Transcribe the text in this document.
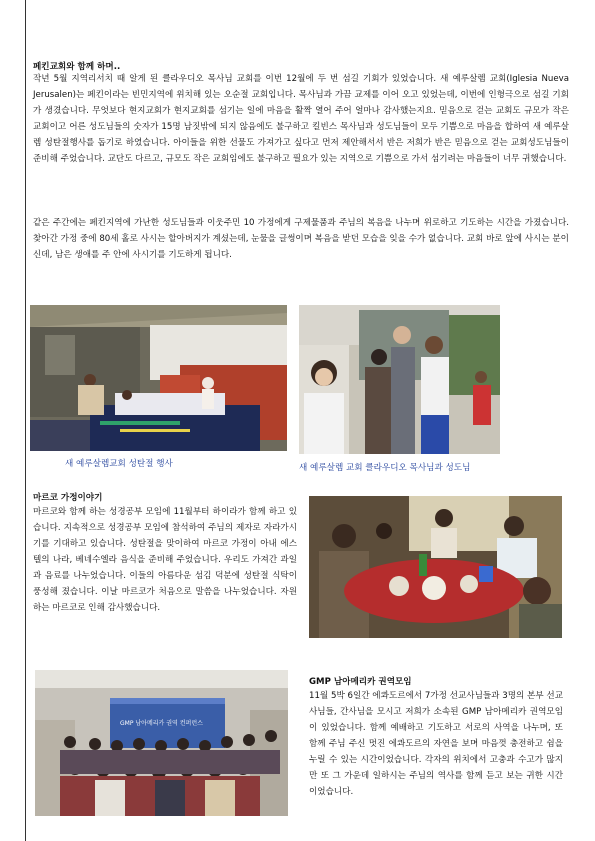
페킨교회와 함께 하며..

작년 5월 지역리서치 때 알게 된 클라우디오 목사님 교회를 이번 12월에 두 번 섬길 기회가 있었습니다. 새 예루살렘 교회(Iglesia Nueva Jerusalen)는 페킨이라는 빈민지역에 위치해 있는 오순절 교회입니다. 목사님과 가끔 교제를 이어 오고 있었는데, 이번에 인형극으로 섬길 기회가 생겼습니다. 무엇보다 현지교회가 현지교회를 섬기는 일에 마음을 활짝 열어 주어 얼마나 감사했는지요. 믿음으로 걷는 교회도 규모가 작은 교회이고 어른 성도님들의 숫자가 15명 남짓밖에 되지 않음에도 불구하고 킬빈스 목사님과 성도님들이 모두 기쁨으로 마음을 합하여 새 예루살렘 성탄절행사를 돕기로 하였습니다. 아이들을 위한 선물도 가져가고 싶다고 먼저 제안해서서 반은 저희가 반은 믿음으로 걷는 교회성도님들이 준비해 주었습니다. 교단도 다르고, 규모도 작은 교회임에도 불구하고 필요가 있는 지역으로 기쁨으로 가서 섬기려는 마음들이 너무 귀했습니다.

같은 주간에는 페킨지역에 가난한 성도님들과 이웃주민 10 가정에게 구제물품과 주님의 복음을 나누며 위로하고 기도하는 시간을 가졌습니다. 찾아간 가정 중에 80세 홀로 사시는 할아버지가 계셨는데, 눈물을 글썽이며 복음을 받던 모습을 잊을 수가 없습니다. 교회 바로 앞에 사시는 분이신데, 남은 생애를 주 안에 사시기를 기도하게 됩니다.

새 예루살렘교회 성탄절 행사	새 예루살렘 교회 클라우디오 목사님과 성도님

마르코 가정이야기

마르코와 함께 하는 성경공부 모임에 11월부터 하이라가 함께 하고 있습니다. 지속적으로 성경공부 모임에 참석하여 주님의 제자로 자라가시기를 기대하고 있습니다. 성탄절을 맞이하여 마르코 가정이 아내 에스텔의 나라, 베네수엘라 음식을 준비해 주었습니다. 우리도 가져간 과일과 음료를 나누었습니다. 이들의 아름다운 섬김 덕분에 성탄절 식탁이 풍성해 졌습니다. 이날 마르코가 처음으로 말씀을 나누었습니다. 자원하는 마르코로 인해 감사했습니다.

GMP 남아메리카 권역 컨퍼런스

GMP 남아메리카 권역모임

11월 5박 6일간 에콰도르에서 7가정 선교사님들과 3명의 본부 선교사님들, 간사님을 모시고 저희가 소속된 GMP 남아메리카 권역모임이 있었습니다. 함께 예배하고 기도하고 서로의 사역을 나누며, 또 함께 주님 주신 멋진 에콰도르의 자연을 보며 마음껏 충전하고 쉼을 누릴 수 있는 시간이었습니다. 각자의 위치에서 고충과 수고가 많지만 또 그 가운데 일하시는 주님의 역사를 함께 듣고 보는 귀한 시간이었습니다.
